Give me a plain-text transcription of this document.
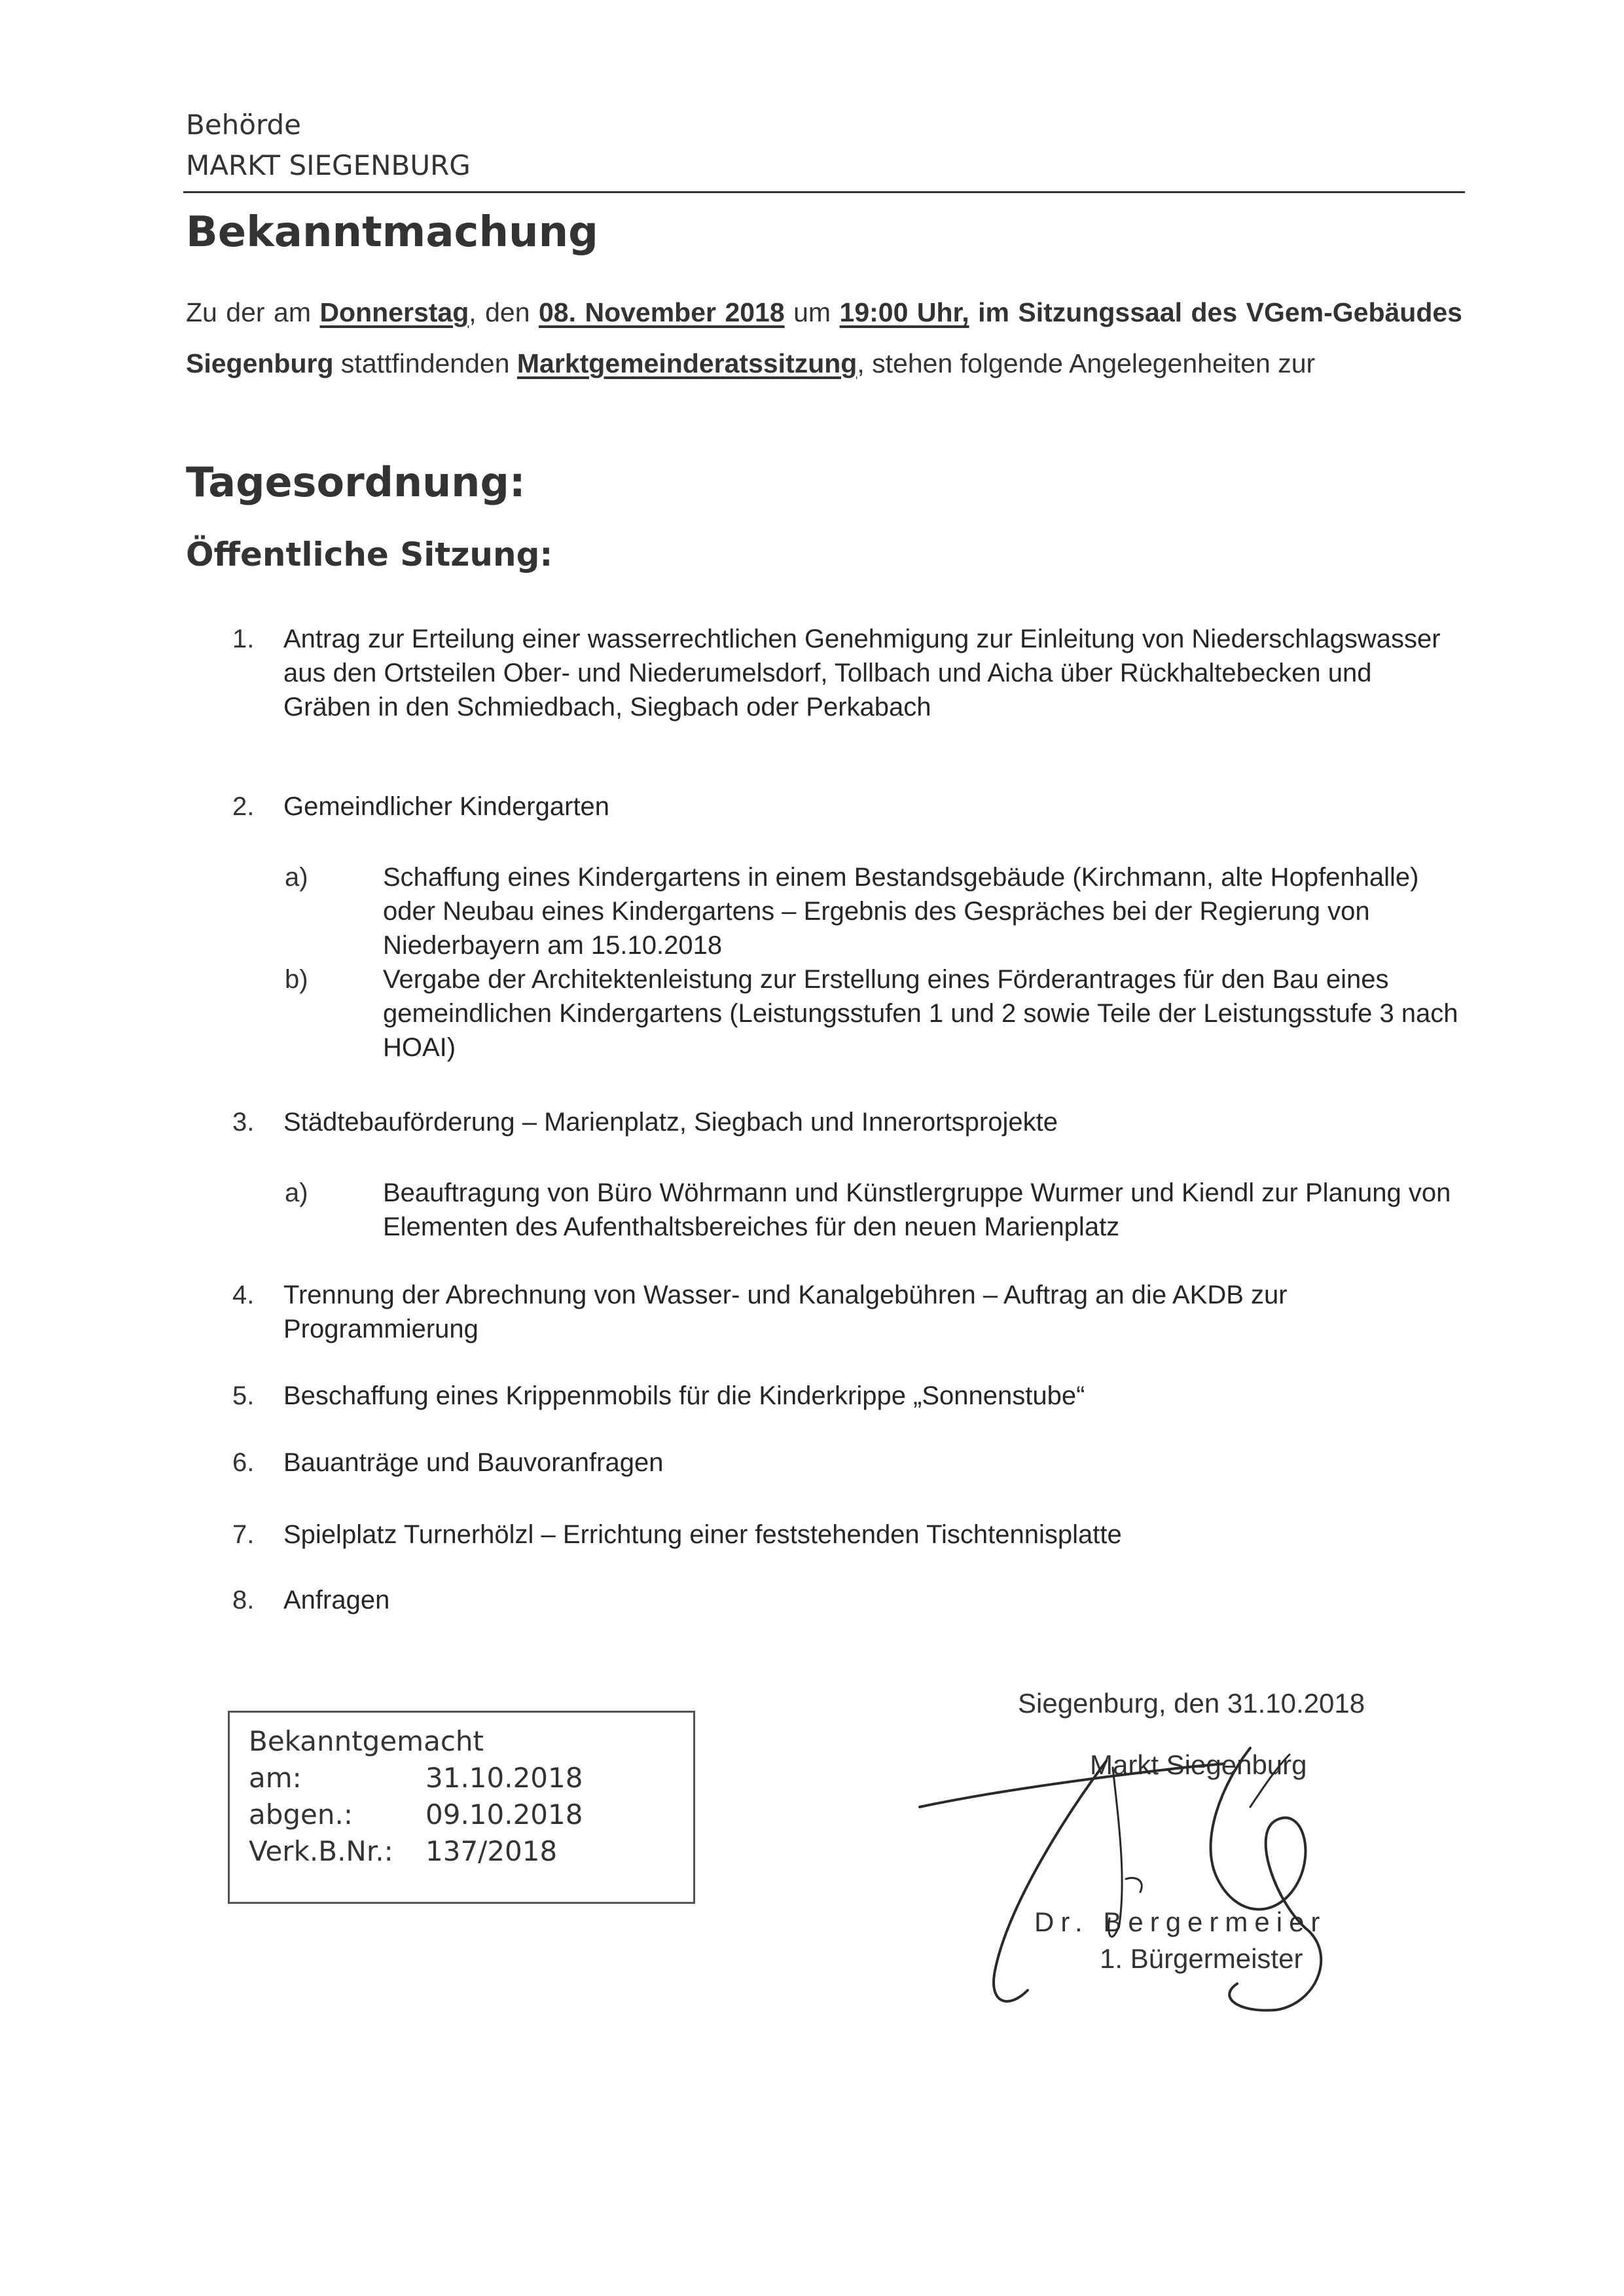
Behörde
MARKT SIEGENBURG
Bekanntmachung
Zu der am Donnerstag, den 08. November 2018 um 19:00 Uhr, im Sitzungssaal des VGem-Gebäudes Siegenburg stattfindenden Marktgemeinderatssitzung, stehen folgende Angelegenheiten zur
Tagesordnung:
Öffentliche Sitzung:
1.	Antrag zur Erteilung einer wasserrechtlichen Genehmigung zur Einleitung von Niederschlagswasser aus den Ortsteilen Ober- und Niederumelsdorf, Tollbach und Aicha über Rückhaltebecken und Gräben in den Schmiedbach, Siegbach oder Perkabach
2.	Gemeindlicher Kindergarten
a)	Schaffung eines Kindergartens in einem Bestandsgebäude (Kirchmann, alte Hopfenhalle) oder Neubau eines Kindergartens – Ergebnis des Gespräches bei der Regierung von Niederbayern am 15.10.2018
b)	Vergabe der Architektenleistung zur Erstellung eines Förderantrages für den Bau eines gemeindlichen Kindergartens (Leistungsstufen 1 und 2 sowie Teile der Leistungsstufe 3 nach HOAI)
3.	Städtebauförderung – Marienplatz, Siegbach und Innerortsprojekte
a)	Beauftragung von Büro Wöhrmann und Künstlergruppe Wurmer und Kiendl zur Planung von Elementen des Aufenthaltsbereiches für den neuen Marienplatz
4.	Trennung der Abrechnung von Wasser- und Kanalgebühren – Auftrag an die AKDB zur Programmierung
5.	Beschaffung eines Krippenmobils für die Kinderkrippe „Sonnenstube“
6.	Bauanträge und Bauvoranfragen
7.	Spielplatz Turnerhölzl – Errichtung einer feststehenden Tischtennisplatte
8.	Anfragen
Bekanntgemacht
am:	31.10.2018
abgen.:	09.10.2018
Verk.B.Nr.: 137/2018
Siegenburg, den 31.10.2018
Markt Siegenburg
Dr. Bergermeier
1. Bürgermeister
